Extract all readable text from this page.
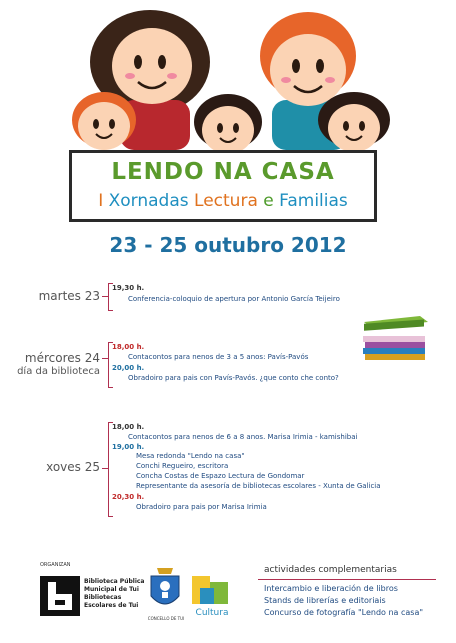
LENDO NA CASA
I Xornadas Lectura e Familias
23 - 25 outubro 2012
martes 23
19,30 h.
Conferencia-coloquio de apertura por Antonio García Teijeiro
mércores 24
día da biblioteca
18,00 h.
Contacontos para nenos de 3 a 5 anos: Pavís-Pavós
20,00 h.
Obradoiro para pais con Pavís-Pavós. ¿que conto che conto?
xoves 25
18,00 h.
Contacontos para nenos de 6 a 8 anos. Marisa Irimia - kamishibai
19,00 h.
Mesa redonda "Lendo na casa"
Conchi Regueiro, escritora
Concha Costas de Espazo Lectura de Gondomar
Representante da asesoría de bibliotecas escolares - Xunta de Galicia
20,30 h.
Obradoiro para pais por Marisa Irimia
ORGANIZAN
Biblioteca Pública
Municipal de Tui
Bibliotecas
Escolares de Tui
CONCELLO DE TUI
Cultura
actividades complementarias
Intercambio e liberación de libros
Stands de librerías e editoriais
Concurso de fotografía "Lendo na casa"
